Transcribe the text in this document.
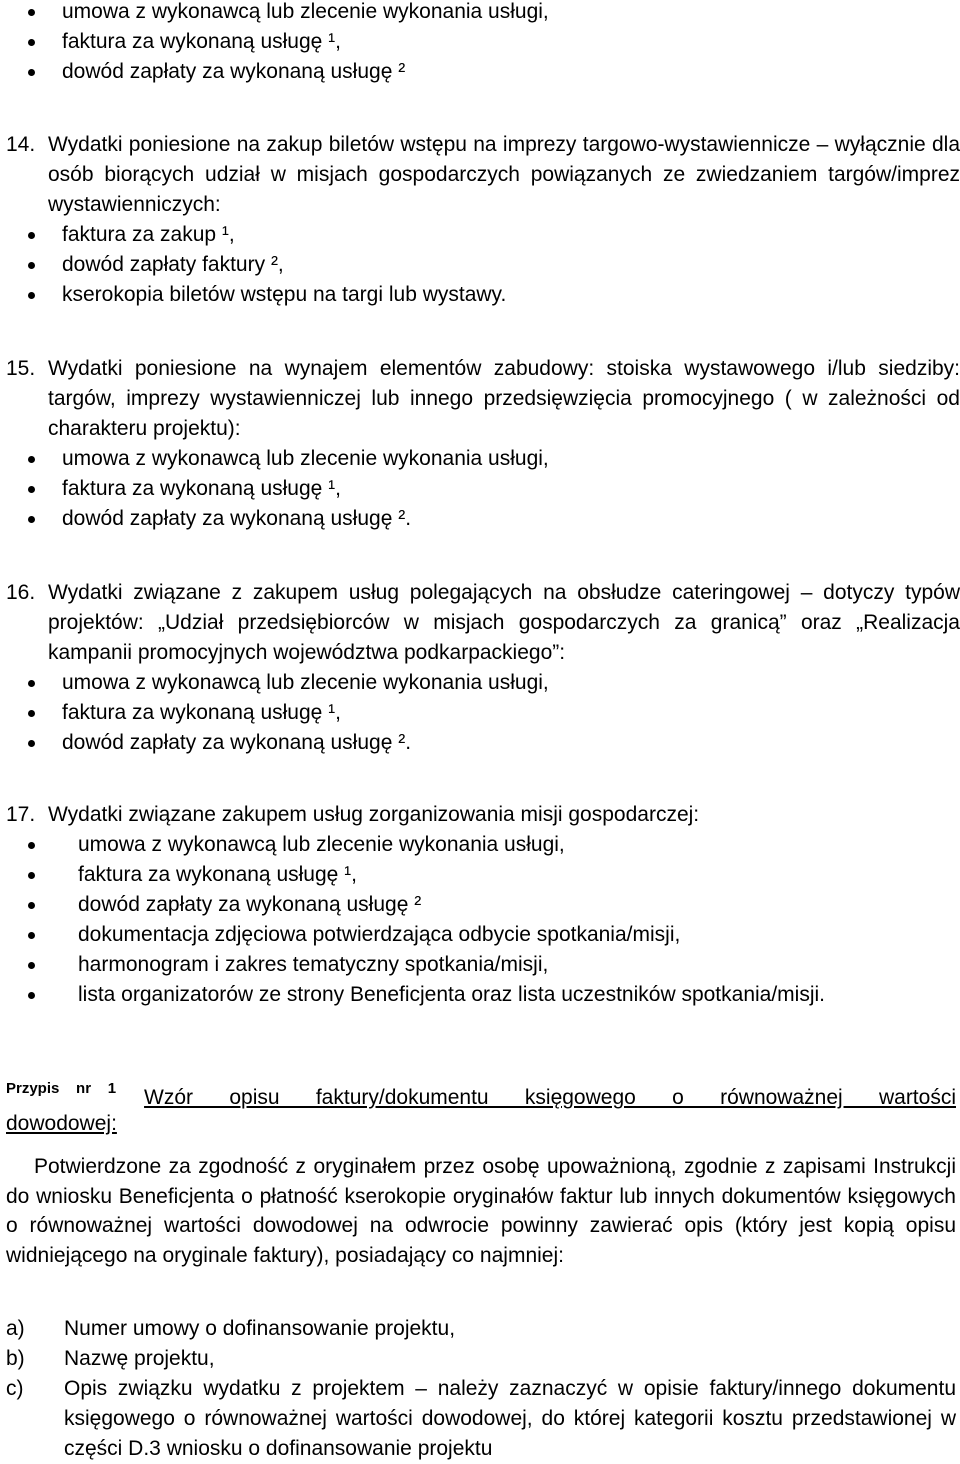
umowa z wykonawcą lub zlecenie wykonania usługi,
faktura za wykonaną usługę ¹,
dowód zapłaty za wykonaną usługę ²
14. Wydatki poniesione na zakup biletów wstępu na imprezy targowo-wystawiennicze – wyłącznie dla osób biorących udział w misjach gospodarczych powiązanych ze zwiedzaniem targów/imprez wystawienniczych:
faktura za zakup ¹,
dowód zapłaty faktury ²,
kserokopia biletów wstępu na targi lub wystawy.
15. Wydatki poniesione na wynajem elementów zabudowy: stoiska wystawowego i/lub siedziby: targów, imprezy wystawienniczej lub innego przedsięwzięcia promocyjnego ( w zależności od charakteru projektu):
umowa z wykonawcą lub zlecenie wykonania usługi,
faktura za wykonaną usługę ¹,
dowód zapłaty za wykonaną usługę ².
16. Wydatki związane z zakupem usług polegających na obsłudze cateringowej – dotyczy typów projektów: „Udział przedsiębiorców w misjach gospodarczych za granicą” oraz „Realizacja kampanii promocyjnych województwa podkarpackiego”:
umowa z wykonawcą lub zlecenie wykonania usługi,
faktura za wykonaną usługę ¹,
dowód zapłaty za wykonaną usługę ².
17. Wydatki związane zakupem usług zorganizowania misji gospodarczej:
umowa z wykonawcą lub zlecenie wykonania usługi,
faktura za wykonaną usługę ¹,
dowód zapłaty za wykonaną usługę ²
dokumentacja zdjęciowa potwierdzająca odbycie spotkania/misji,
harmonogram i zakres tematyczny spotkania/misji,
lista organizatorów ze strony Beneficjenta oraz lista uczestników spotkania/misji.
Przypis nr 1 Wzór opisu faktury/dokumentu księgowego o równoważnej wartości
dowodowej:
Potwierdzone za zgodność z oryginałem przez osobę upoważnioną, zgodnie z zapisami Instrukcji do wniosku Beneficjenta o płatność kserokopie oryginałów faktur lub innych dokumentów księgowych o równoważnej wartości dowodowej na odwrocie powinny zawierać opis (który jest kopią opisu widniejącego na oryginale faktury), posiadający co najmniej:
a) Numer umowy o dofinansowanie projektu,
b) Nazwę projektu,
c) Opis związku wydatku z projektem – należy zaznaczyć w opisie faktury/innego dokumentu księgowego o równoważnej wartości dowodowej, do której kategorii kosztu przedstawionej w części D.3 wniosku o dofinansowanie projektu
